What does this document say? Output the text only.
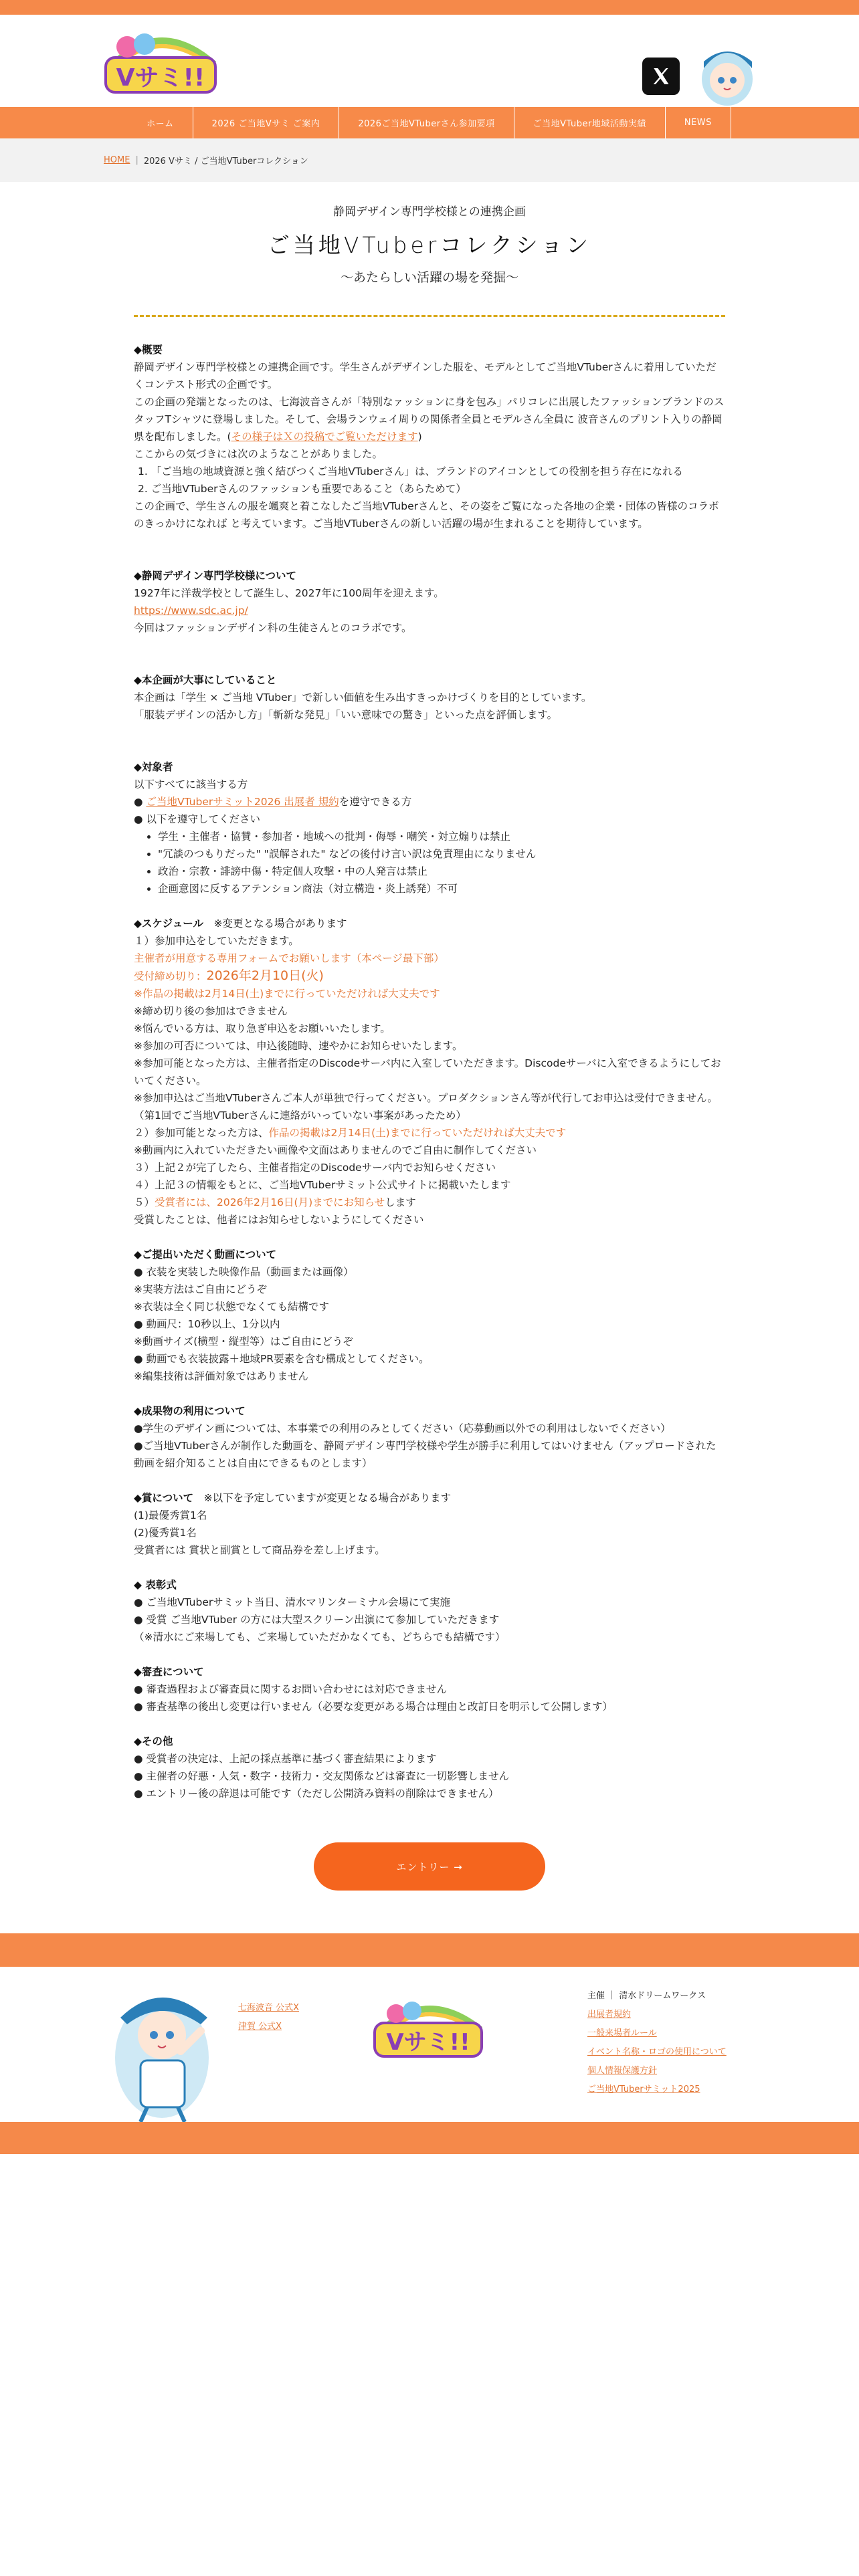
Vサミ!!
ホーム	2026 ご当地Vサミ ご案内	2026ご当地VTuberさん参加要項	ご当地VTuber地域活動実績	NEWS
HOME | 2026 Vサミ / ご当地VTuberコレクション
静岡デザイン専門学校様との連携企画
ご当地VTuberコレクション
〜あたらしい活躍の場を発掘〜
◆概要

静岡デザイン専門学校様との連携企画です。学生さんがデザインした服を、モデルとしてご当地VTuberさんに着用していただくコンテスト形式の企画です。

この企画の発端となったのは、七海波音さんが「特別なァッションに身を包み」パリコレに出展したファッションブランドのスタッフTシャツに登場しました。そして、会場ランウェイ周りの関係者全員とモデルさん全員に 波音さんのプリント入りの静岡県を配布しました。(その様子はＸの投稿でご覧いただけます)

ここからの気づきには次のようなことがありました。

1. 「ご当地の地域資源と強く結びつくご当地VTuberさん」は、ブランドのアイコンとしての役割を担う存在になれる

2. ご当地VTuberさんのファッションも重要であること（あらためて）

この企画で、学生さんの服を颯爽と着こなしたご当地VTuberさんと、その姿をご覧になった各地の企業・団体の皆様のコラボのきっかけになれば と考えています。ご当地VTuberさんの新しい活躍の場が生まれることを期待しています。

◆静岡デザイン専門学校様について

1927年に洋裁学校として誕生し、2027年に100周年を迎えます。

https://www.sdc.ac.jp/

今回はファッションデザイン科の生徒さんとのコラボです。

◆本企画が大事にしていること

本企画は「学生 × ご当地 VTuber」で新しい価値を生み出すきっかけづくりを目的としています。

「服装デザインの活かし方」「斬新な発見」「いい意味での驚き」といった点を評価します。

◆対象者

以下すべてに該当する方

● ご当地VTuberサミット2026 出展者 規約を遵守できる方

● 以下を遵守してください

• 学生・主催者・協賛・参加者・地域への批判・侮辱・嘲笑・対立煽りは禁止
• "冗談のつもりだった" "誤解された" などの後付け言い訳は免責理由になりません
• 政治・宗教・誹謗中傷・特定個人攻撃・中の人発言は禁止
• 企画意図に反するアテンション商法（対立構造・炎上誘発）不可
◆スケジュール　 ※変更となる場合があります

１）参加申込をしていただきます。

主催者が用意する専用フォームでお願いします（本ページ最下部）

受付締め切り：2026年2月10日(火)

※作品の掲載は2月14日(土)までに行っていただければ大丈夫です

※締め切り後の参加はできません

※悩んでいる方は、取り急ぎ申込をお願いいたします。

※参加の可否については、申込後随時、速やかにお知らせいたします。

※参加可能となった方は、主催者指定のDiscodeサーバ内に入室していただきます。Discodeサーバに入室できるようにしておいてください。

※参加申込はご当地VTuberさんご本人が単独で行ってください。プロダクションさん等が代行してお申込は受付できません。（第1回でご当地VTuberさんに連絡がいっていない事案があったため）

２）参加可能となった方は、作品の掲載は2月14日(土)までに行っていただければ大丈夫です

※動画内に入れていただきたい画像や文面はありませんのでご自由に制作してください

３）上記２が完了したら、主催者指定のDiscodeサーバ内でお知らせください

４）上記３の情報をもとに、ご当地VTuberサミット公式サイトに掲載いたします

５）受賞者には、2026年2月16日(月)までにお知らせします

受賞したことは、他者にはお知らせしないようにしてください

◆ご提出いただく動画について

● 衣装を実装した映像作品（動画または画像）

※実装方法はご自由にどうぞ

※衣装は全く同じ状態でなくても結構です

● 動画尺：10秒以上、1分以内

※動画サイズ(横型・縦型等）はご自由にどうぞ

● 動画でも衣装披露＋地域PR要素を含む構成としてください。

※編集技術は評価対象ではありません

◆成果物の利用について

●学生のデザイン画については、本事業での利用のみとしてください（応募動画以外での利用はしないでください）

●ご当地VTuberさんが制作した動画を、静岡デザイン専門学校様や学生が勝手に利用してはいけません（アップロードされた動画を紹介知ることは自由にできるものとします）

◆賞について　 ※以下を予定していますが変更となる場合があります

(1)最優秀賞1名

(2)優秀賞1名

受賞者には 賞状と副賞として商品券を差し上げます。

◆ 表彰式

● ご当地VTuberサミット当日、清水マリンターミナル会場にて実施

● 受賞 ご当地VTuber の方には大型スクリーン出演にて参加していただきます

（※清水にご来場しても、ご来場していただかなくても、どちらでも結構です）

◆審査について

● 審査過程および審査員に関するお問い合わせには対応できません

● 審査基準の後出し変更は行いません（必要な変更がある場合は理由と改訂日を明示して公開します）

◆その他

● 受賞者の決定は、上記の採点基準に基づく審査結果によります

● 主催者の好悪・人気・数字・技術力・交友関係などは審査に一切影響しません

● エントリー後の辞退は可能です（ただし公開済み資料の削除はできません）

エントリー →
七海波音 公式X
津賀 公式X
Vサミ!!
主催 ｜ 清水ドリームワークス
出展者規約
一般来場者ルール
イベント名称・ロゴの使用について
個人情報保護方針
ご当地VTuberサミット2025
